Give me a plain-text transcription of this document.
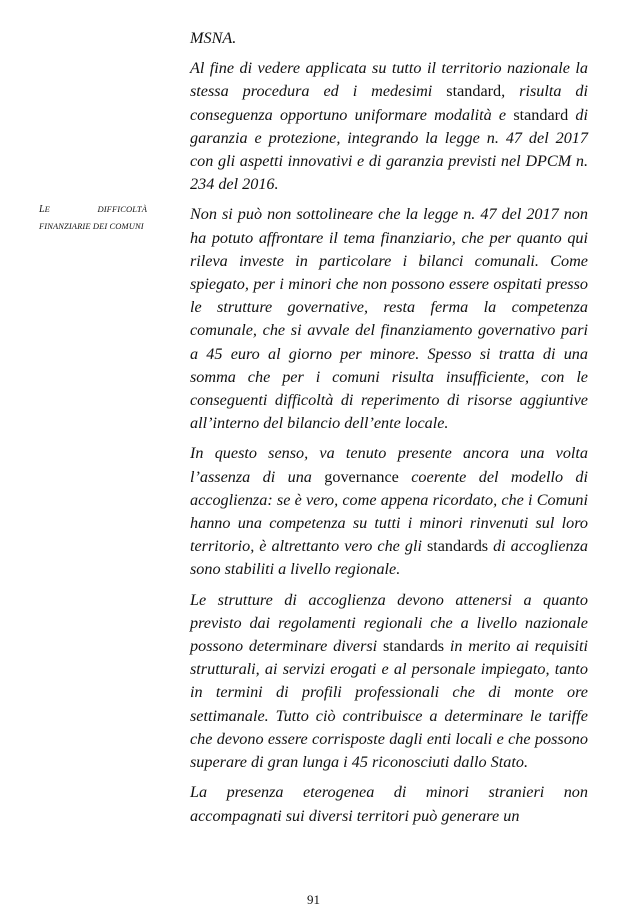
LE DIFFICOLTÀ FINANZIARIE DEI COMUNI

MSNA.

Al fine di vedere applicata su tutto il territorio nazionale la stessa procedura ed i medesimi standard, risulta di conseguenza opportuno uniformare modalità e standard di garanzia e protezione, integrando la legge n. 47 del 2017 con gli aspetti innovativi e di garanzia previsti nel DPCM n. 234 del 2016.

Non si può non sottolineare che la legge n. 47 del 2017 non ha potuto affrontare il tema finanziario, che per quanto qui rileva investe in particolare i bilanci comunali. Come spiegato, per i minori che non possono essere ospitati presso le strutture governative, resta ferma la competenza comunale, che si avvale del finanziamento governativo pari a 45 euro al giorno per minore. Spesso si tratta di una somma che per i comuni risulta insufficiente, con le conseguenti difficoltà di reperimento di risorse aggiuntive all’interno del bilancio dell’ente locale.

In questo senso, va tenuto presente ancora una volta l’assenza di una governance coerente del modello di accoglienza: se è vero, come appena ricordato, che i Comuni hanno una competenza su tutti i minori rinvenuti sul loro territorio, è altrettanto vero che gli standards di accoglienza sono stabiliti a livello regionale.

Le strutture di accoglienza devono attenersi a quanto previsto dai regolamenti regionali che a livello nazionale possono determinare diversi standards in merito ai requisiti strutturali, ai servizi erogati e al personale impiegato, tanto in termini di profili professionali che di monte ore settimanale. Tutto ciò contribuisce a determinare le tariffe che devono essere corrisposte dagli enti locali e che possono superare di gran lunga i 45 riconosciuti dallo Stato.

La presenza eterogenea di minori stranieri non accompagnati sui diversi territori può generare un

91
